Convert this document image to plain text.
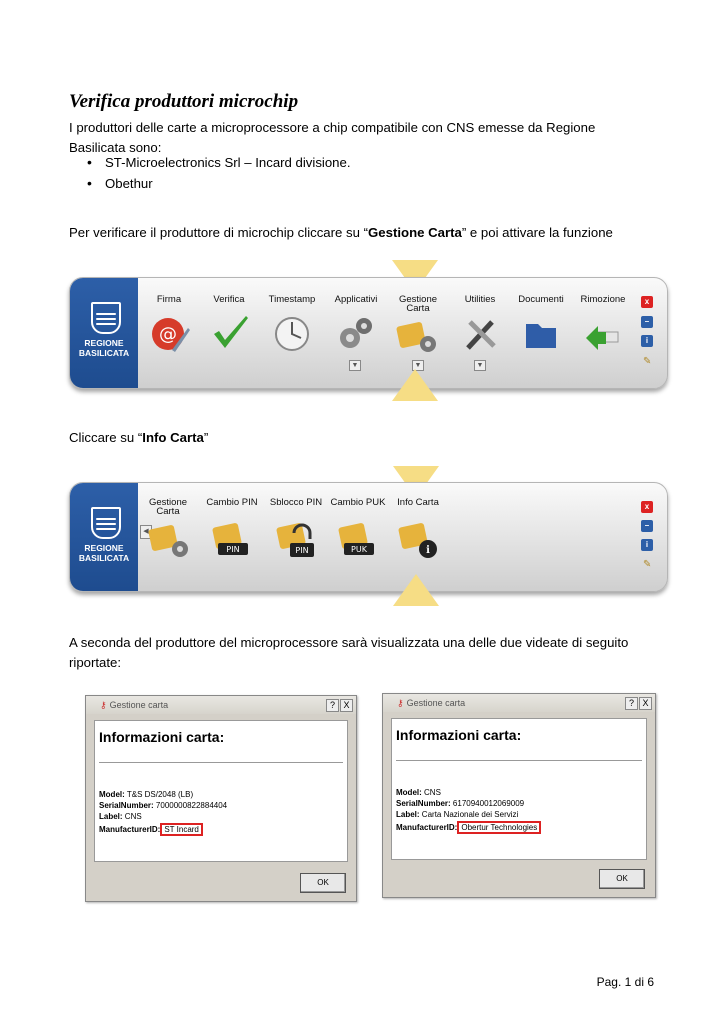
Verifica produttori microchip
I produttori delle carte a microprocessore a chip compatibile con CNS emesse da Regione Basilicata sono:
• ST-Microelectronics Srl – Incard divisione.
• Obethur
Per verificare il produttore di microchip cliccare su “Gestione Carta” e poi attivare la funzione
REGIONE
BASILICATA
Firma
@
Verifica	Timestamp	Applicativi
▼
Gestione
Carta
▼
Utilities
▼
Documenti Rimozione	x
–
i
✎
Cliccare su “Info Carta”
REGIONE
BASILICATA
◀
Gestione
Carta
Cambio PIN
PIN
Sblocco PIN
PIN
Cambio PUK
PUK
Info Carta
i
x
–
i
✎
A seconda del produttore del microprocessore sarà visualizzata una delle due videate di seguito riportate:
⚷ Gestione carta	? X
Informazioni carta:
Model: T&S DS/2048 (LB)
SerialNumber: 7000000822884404
Label: CNS
ManufacturerID: ST Incard
OK
⚷ Gestione carta	? X
Informazioni carta:
Model: CNS
SerialNumber: 6170940012069009
Label: Carta Nazionale dei Servizi
ManufacturerID: Obertur Technologies
OK
Pag. 1 di 6
